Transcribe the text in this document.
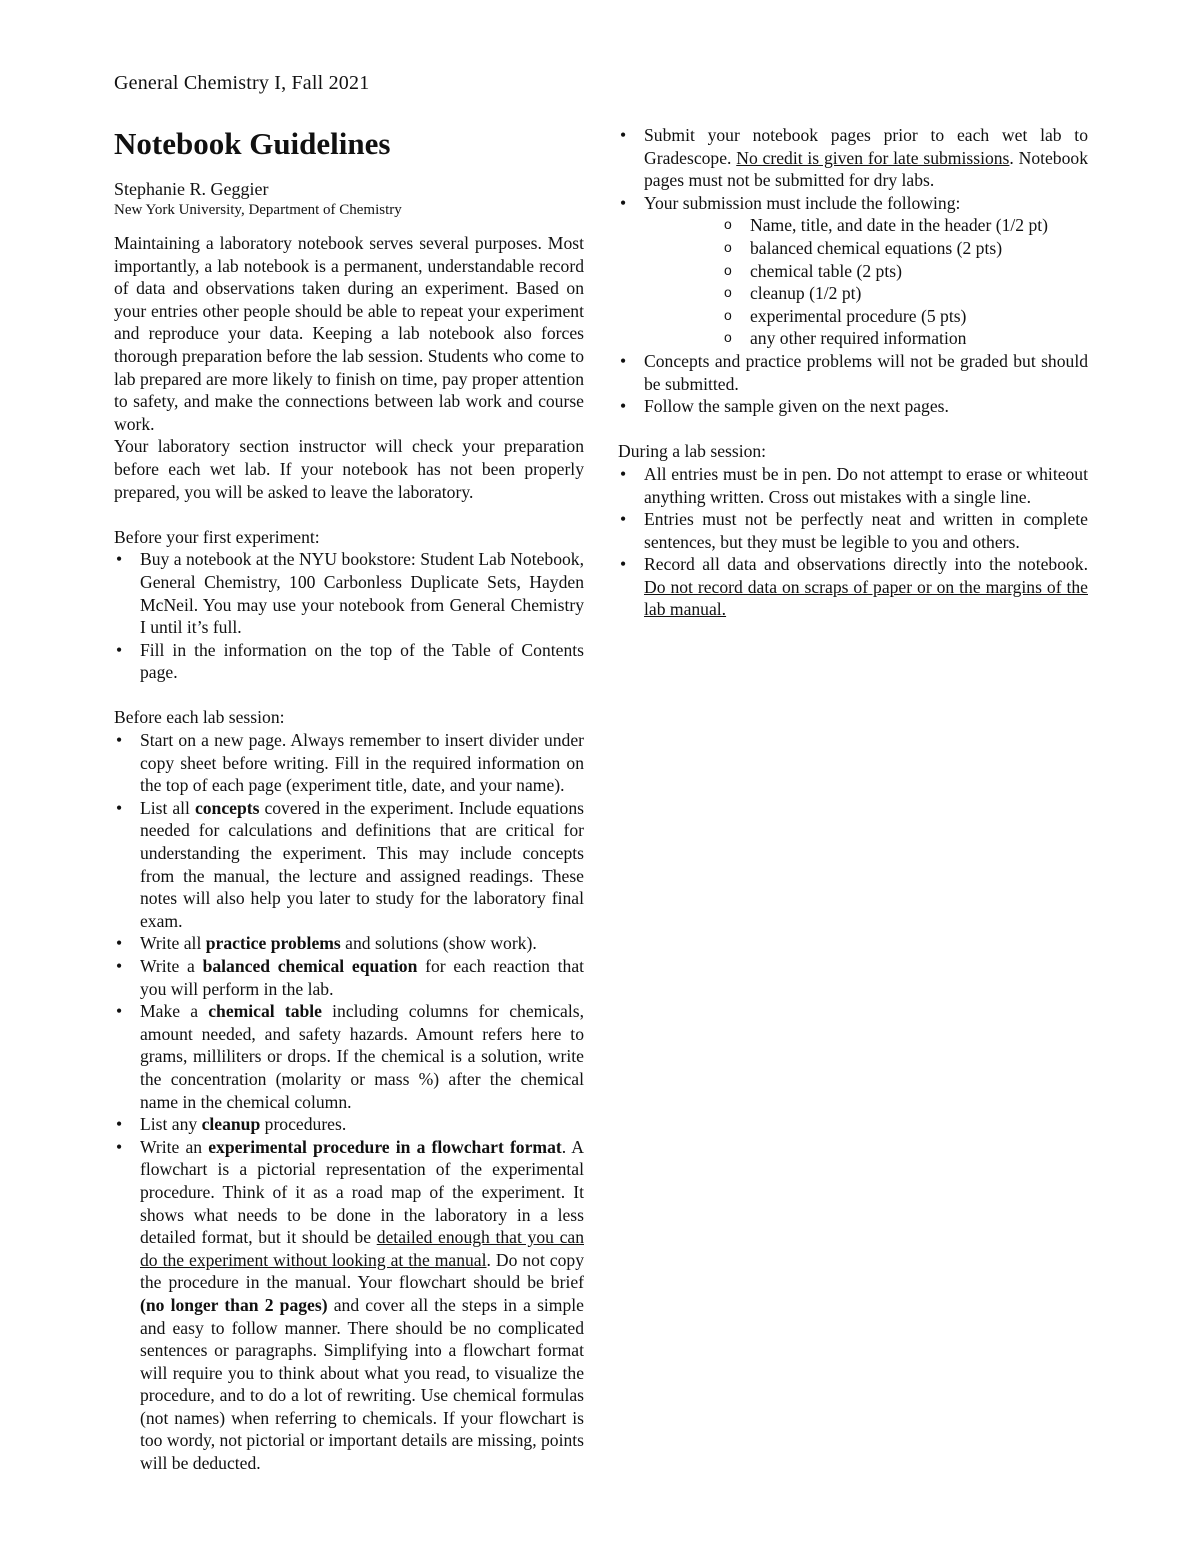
General Chemistry I, Fall 2021
Notebook Guidelines

Stephanie R. Geggier

New York University, Department of Chemistry

Maintaining a laboratory notebook serves several purposes. Most importantly, a lab notebook is a permanent, understandable record of data and observations taken during an experiment. Based on your entries other people should be able to repeat your experiment and reproduce your data. Keeping a lab notebook also forces thorough preparation before the lab session. Students who come to lab prepared are more likely to finish on time, pay proper attention to safety, and make the connections between lab work and course work.

Your laboratory section instructor will check your preparation before each wet lab. If your notebook has not been properly prepared, you will be asked to leave the laboratory.

Before your first experiment:

• Buy a notebook at the NYU bookstore: Student Lab Notebook, General Chemistry, 100 Carbonless Duplicate Sets, Hayden McNeil. You may use your notebook from General Chemistry I until it’s full.
• Fill in the information on the top of the Table of Contents page.

Before each lab session:

• Start on a new page. Always remember to insert divider under copy sheet before writing. Fill in the required information on the top of each page (experiment title, date, and your name).
• List all concepts covered in the experiment. Include equations needed for calculations and definitions that are critical for understanding the experiment. This may include concepts from the manual, the lecture and assigned readings. These notes will also help you later to study for the laboratory final exam.
• Write all practice problems and solutions (show work).
• Write a balanced chemical equation for each reaction that you will perform in the lab.
• Make a chemical table including columns for chemicals, amount needed, and safety hazards. Amount refers here to grams, milliliters or drops. If the chemical is a solution, write the concentration (molarity or mass %) after the chemical name in the chemical column.
• List any cleanup procedures.
• Write an experimental procedure in a flowchart format. A flowchart is a pictorial representation of the experimental procedure. Think of it as a road map of the experiment. It shows what needs to be done in the laboratory in a less detailed format, but it should be detailed enough that you can do the experiment without looking at the manual. Do not copy the procedure in the manual. Your flowchart should be brief (no longer than 2 pages) and cover all the steps in a simple and easy to follow manner. There should be no complicated sentences or paragraphs. Simplifying into a flowchart format will require you to think about what you read, to visualize the procedure, and to do a lot of rewriting. Use chemical formulas (not names) when referring to chemicals. If your flowchart is too wordy, not pictorial or important details are missing, points will be deducted.
• Submit your notebook pages prior to each wet lab to Gradescope. No credit is given for late submissions. Notebook pages must not be submitted for dry labs.
• Your submission must include the following:
o Name, title, and date in the header (1/2 pt)
o balanced chemical equations (2 pts)
o chemical table (2 pts)
o cleanup (1/2 pt)
o experimental procedure (5 pts)
o any other required information
• Concepts and practice problems will not be graded but should be submitted.
• Follow the sample given on the next pages.

During a lab session:

• All entries must be in pen. Do not attempt to erase or whiteout anything written. Cross out mistakes with a single line.
• Entries must not be perfectly neat and written in complete sentences, but they must be legible to you and others.
• Record all data and observations directly into the notebook. Do not record data on scraps of paper or on the margins of the lab manual.
